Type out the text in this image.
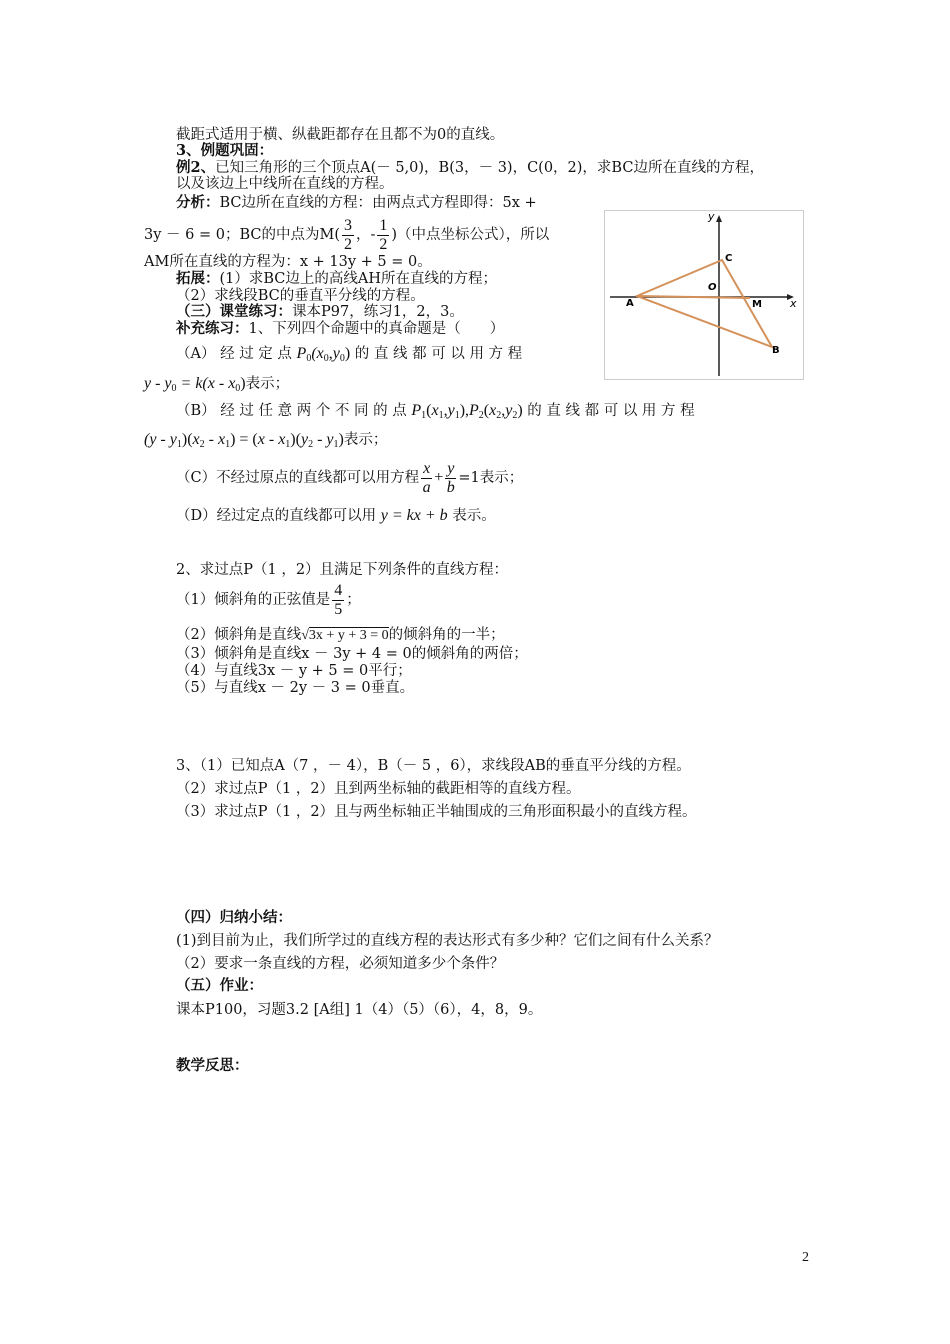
截距式适用于横、纵截距都存在且都不为0的直线。
3、例题巩固：
例2、已知三角形的三个顶点A(－ 5,0)，B(3，－ 3)，C(0，2)，求BC边所在直线的方程，
以及该边上中线所在直线的方程。
分析：BC边所在直线的方程：由两点式方程即得：5x +
3y － 6 = 0；BC的中点为$M( \frac{3}{2}$ ，- $\frac{1}{2}$ )（中点坐标公式），所以
AM所在直线的方程为：x + 13y + 5 = 0。
拓展：(1）求BC边上的高线AH所在直线的方程；
（2）求线段BC的垂直平分线的方程。
（三）课堂练习：课本P97，练习1，2，3。
补充练习：1、下列四个命题中的真命题是（　　）
（A） 经 过 定 点 $P_0(x_0,y_0)$ 的 直 线 都 可 以 用 方 程
$y - y_0 = k(x - x_0)$表示；
（B） 经 过 任 意 两 个 不 同 的 点 $P_1(x_1,y_1),P_2(x_2,y_2)$ 的 直 线 都 可 以 用 方 程
$(y - y_1)(x_2 - x_1) = (x - x_1)(y_2 - y_1)$表示；
（C）不经过原点的直线都可以用方程 $\frac{x}{a} + \frac{y}{b} =1$表示；
（D）经过定点的直线都可以用 y = kx + b 表示。
2、求过点P（1 ，2）且满足下列条件的直线方程：
（1）倾斜角的正弦值是 $\frac{4}{5}$ ；
（2）倾斜角是直线√3x + y + 3 = 0的倾斜角的一半；
（3）倾斜角是直线x － 3y + 4 = 0的倾斜角的两倍；
（4）与直线3x － y + 5 = 0平行；
（5）与直线x － 2y － 3 = 0垂直。
3、（1）已知点A（7 ，－ 4），B（－ 5 ，6），求线段AB的垂直平分线的方程。
（2）求过点P（1 ，2）且到两坐标轴的截距相等的直线方程。
（3）求过点P（1 ，2）且与两坐标轴正半轴围成的三角形面积最小的直线方程。
（四）归纳小结：
(1)到目前为止，我们所学过的直线方程的表达形式有多少种？它们之间有什么关系？
（2）要求一条直线的方程，必须知道多少个条件？
（五）作业：
课本P100，习题3.2 [A组] 1（4）（5）（6），4，8，9。
教学反思：
y
x
A
B
C
O
M
2
